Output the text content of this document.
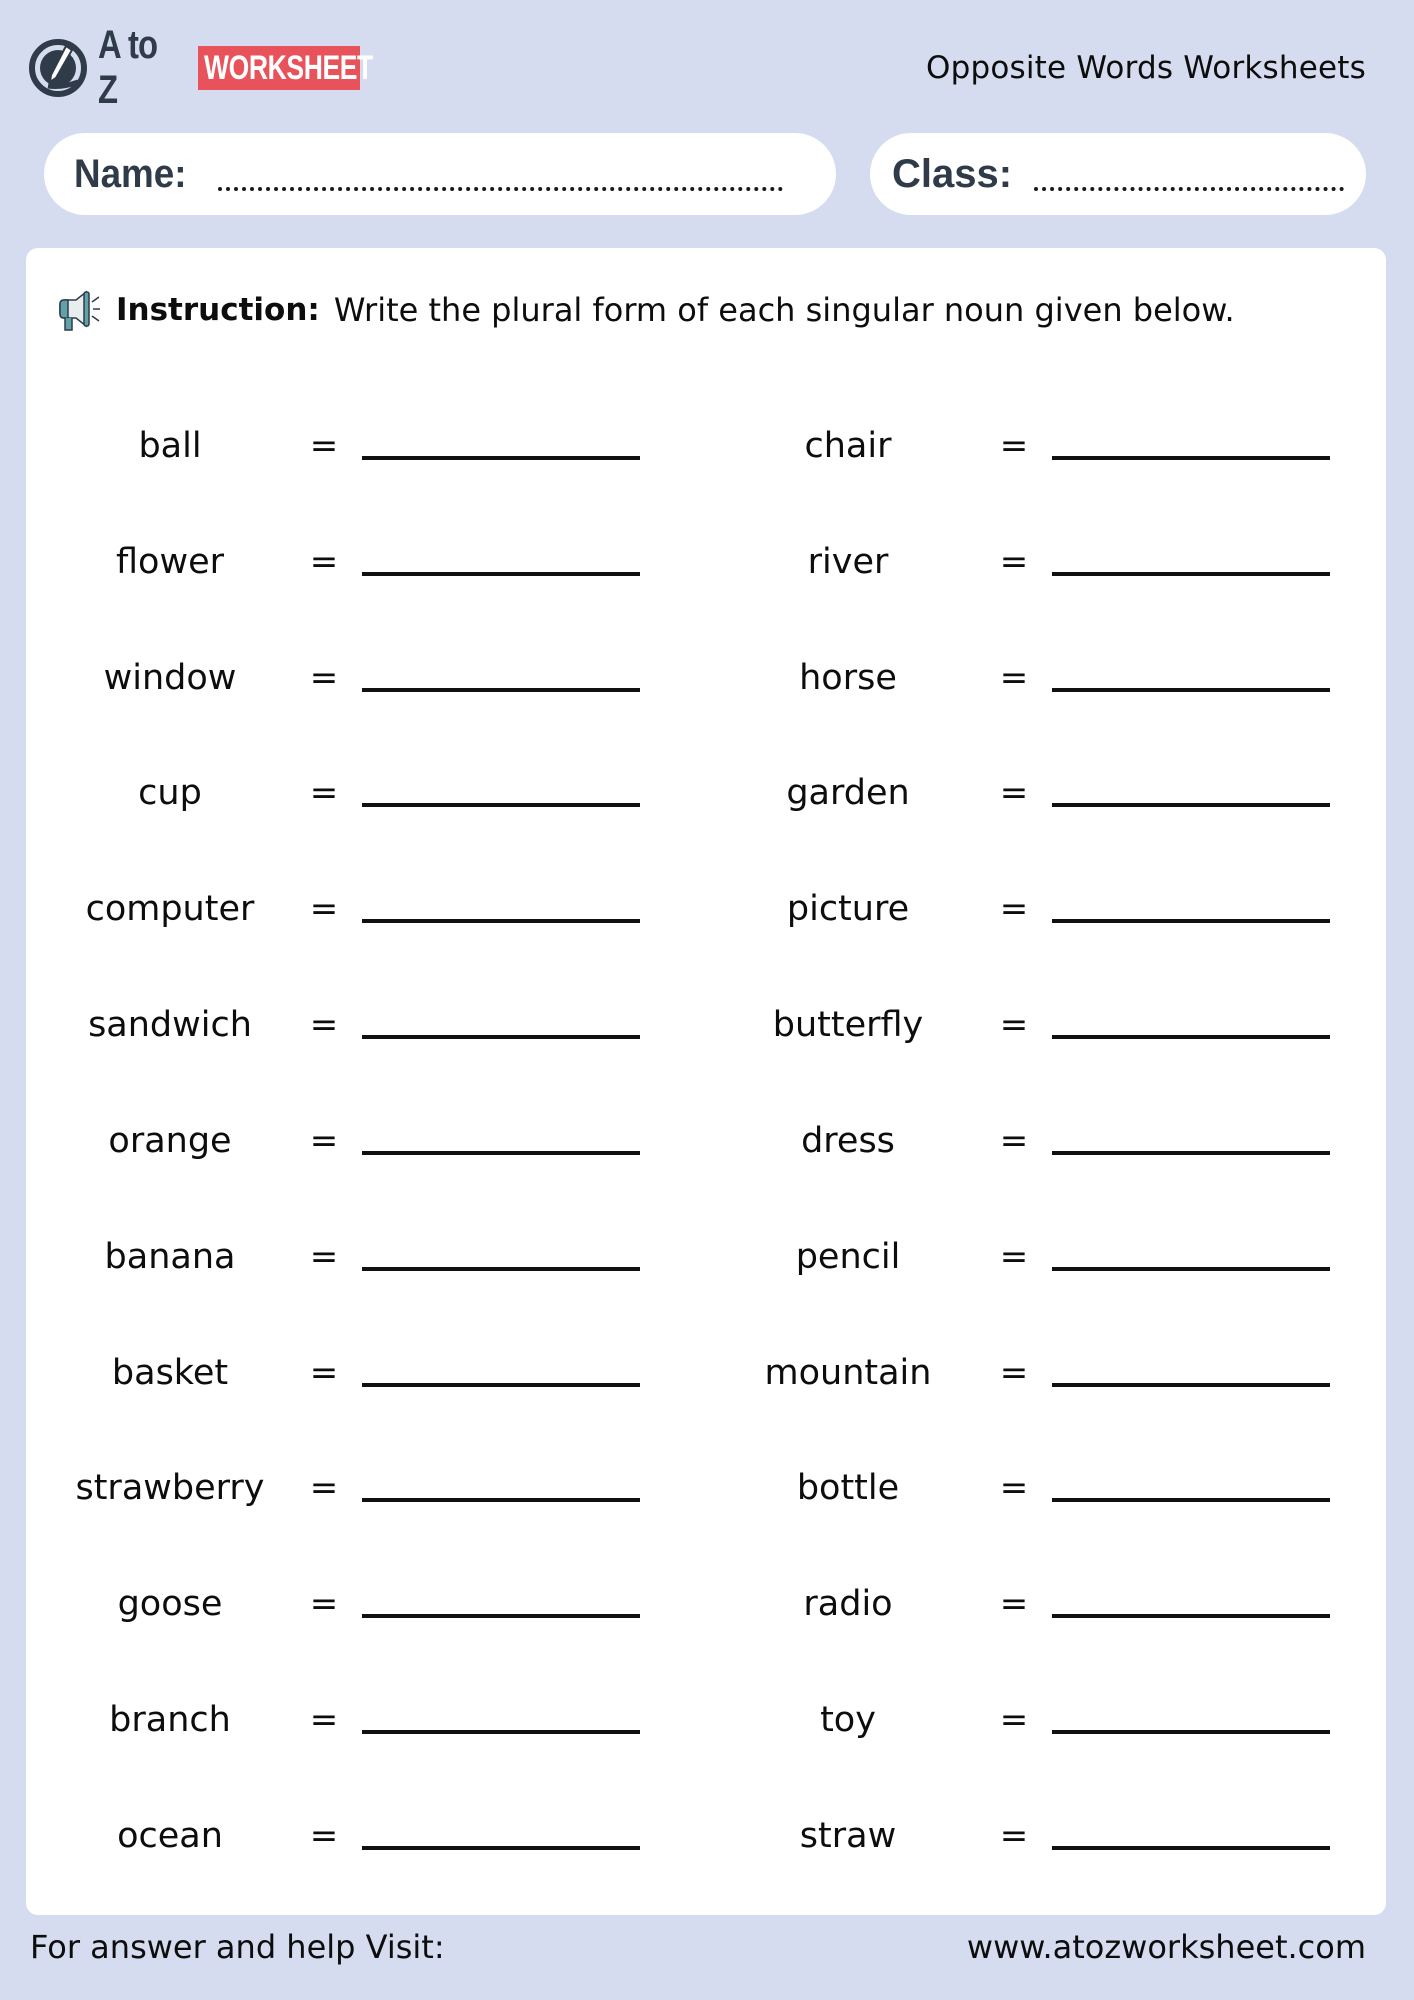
A to Z	WORKSHEET	Opposite Words Worksheets
Name:	Class:
Instruction: Write the plural form of each singular noun given below.
ball	=	chair	=
flower	=	river	=
window	=	horse	=
cup	=	garden	=
computer	=	picture	=
sandwich	=	butterfly	=
orange	=	dress	=
banana	=	pencil	=
basket	=	mountain	=
strawberry	=	bottle	=
goose	=	radio	=
branch	=	toy	=
ocean	=	straw	=
For answer and help Visit:	www.atozworksheet.com
